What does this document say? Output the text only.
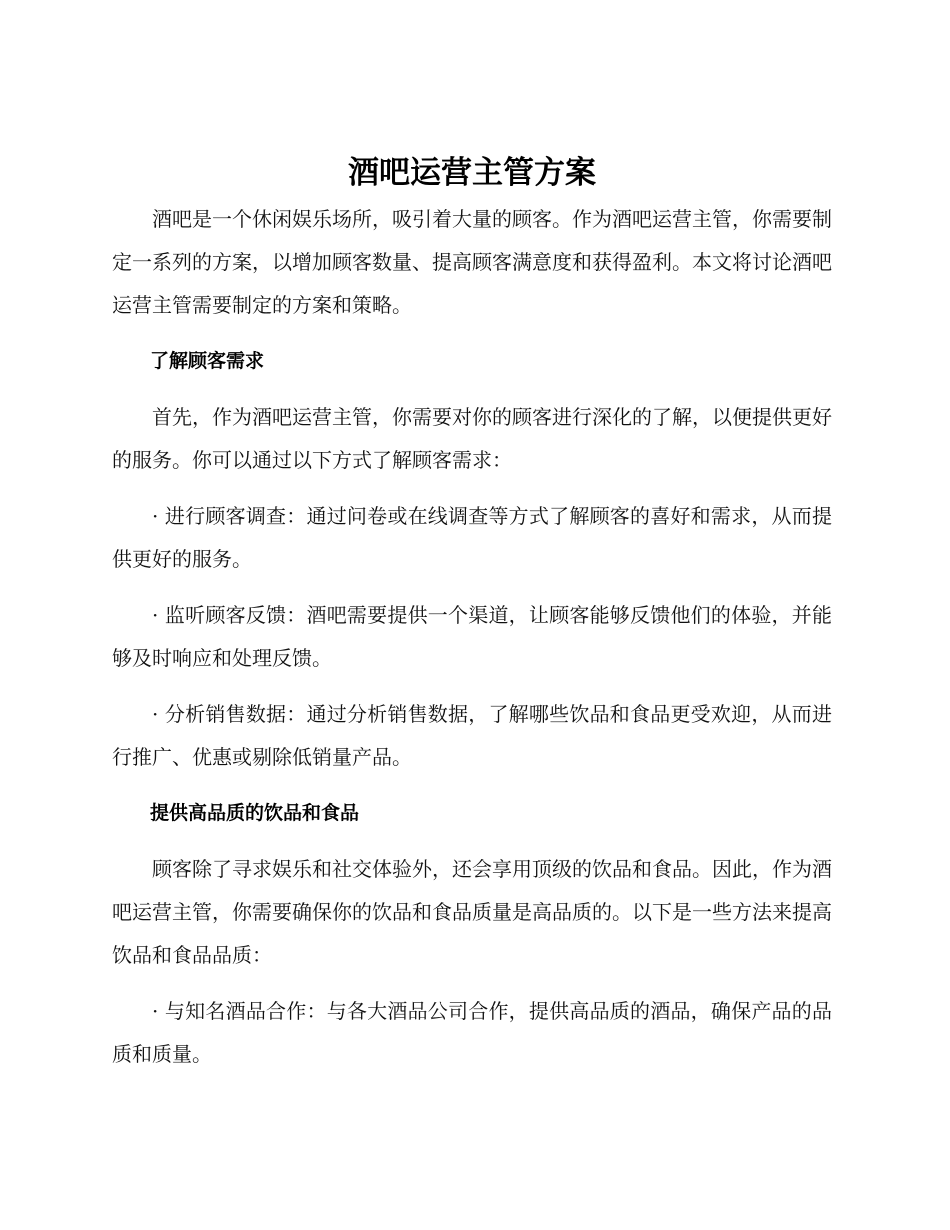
酒吧运营主管方案

酒吧是一个休闲娱乐场所，吸引着大量的顾客。作为酒吧运营主管，你需要制定一系列的方案，以增加顾客数量、提高顾客满意度和获得盈利。本文将讨论酒吧运营主管需要制定的方案和策略。

了解顾客需求

首先，作为酒吧运营主管，你需要对你的顾客进行深化的了解，以便提供更好的服务。你可以通过以下方式了解顾客需求：

· 进行顾客调查：通过问卷或在线调查等方式了解顾客的喜好和需求，从而提供更好的服务。

· 监听顾客反馈：酒吧需要提供一个渠道，让顾客能够反馈他们的体验，并能够及时响应和处理反馈。

· 分析销售数据：通过分析销售数据，了解哪些饮品和食品更受欢迎，从而进行推广、优惠或剔除低销量产品。

提供高品质的饮品和食品

顾客除了寻求娱乐和社交体验外，还会享用顶级的饮品和食品。因此，作为酒吧运营主管，你需要确保你的饮品和食品质量是高品质的。以下是一些方法来提高饮品和食品品质：

· 与知名酒品合作：与各大酒品公司合作，提供高品质的酒品，确保产品的品质和质量。
